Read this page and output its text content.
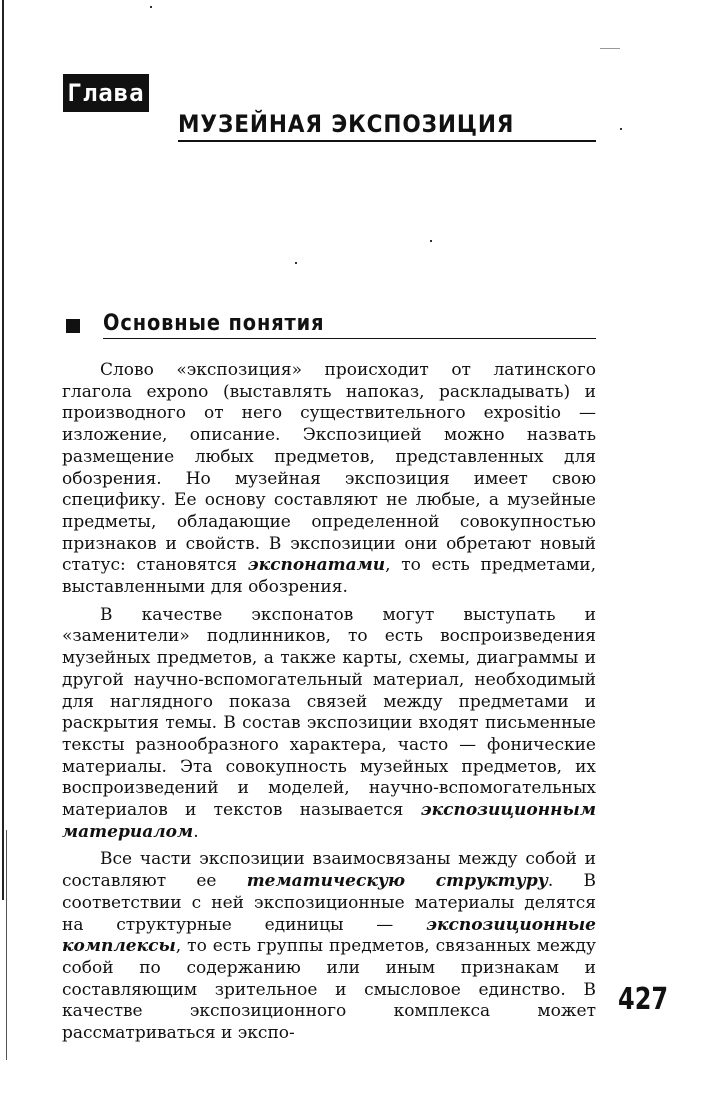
Глава 5	МУЗЕЙНАЯ ЭКСПОЗИЦИЯ
Основные понятия

Слово «экспозиция» происходит от латинского глагола expono (выставлять напоказ, раскладывать) и производного от него существительного expositio — изложение, описание. Экспозицией можно назвать размещение любых предметов, представленных для обозрения. Но музейная экспозиция имеет свою специфику. Ее основу составляют не любые, а музейные предметы, обладающие определенной совокупностью признаков и свойств. В экспозиции они обретают новый статус: становятся экспонатами, то есть предметами, выставленными для обозрения.

В качестве экспонатов могут выступать и «заменители» подлинников, то есть воспроизведения музейных предметов, а также карты, схемы, диаграммы и другой научно-вспомогательный материал, необходимый для наглядного показа связей между предметами и раскрытия темы. В состав экспозиции входят письменные тексты разнообразного характера, часто — фонические материалы. Эта совокупность музейных предметов, их воспроизведений и моделей, научно-вспомогательных материалов и текстов называется экспозиционным материалом.

Все части экспозиции взаимосвязаны между собой и составляют ее тематическую структуру. В соответствии с ней экспозиционные материалы делятся на структурные единицы — экспозиционные комплексы, то есть группы предметов, связанных между собой по содержанию или иным признакам и составляющим зрительное и смысловое единство. В качестве экспозиционного комплекса может рассматриваться и экспо-

427
